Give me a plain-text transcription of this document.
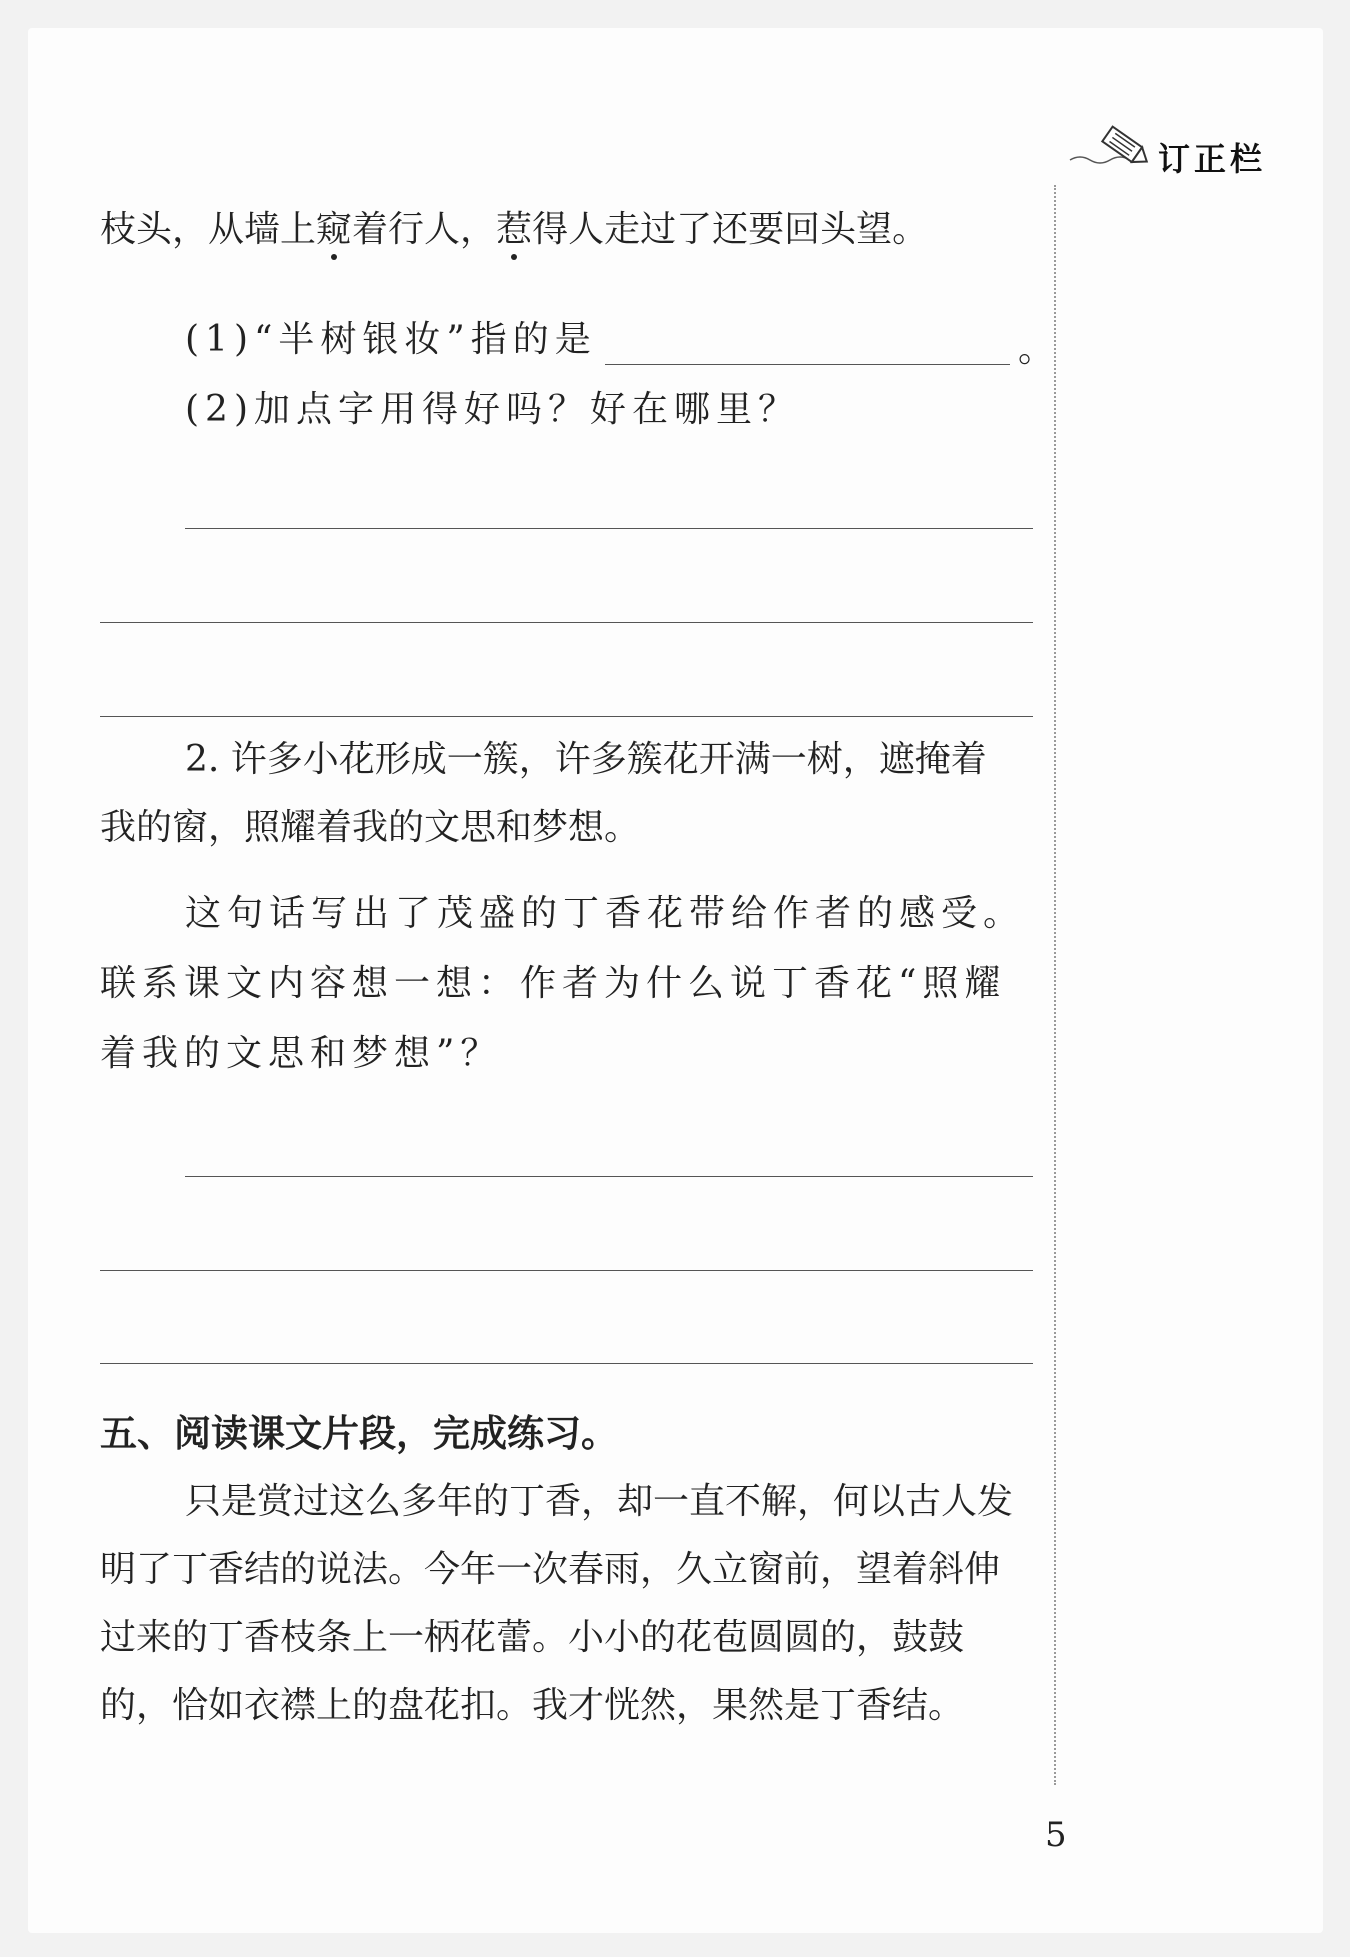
订正栏
枝头，从墙上窥着行人，惹得人走过了还要回头望。
(1)“半树银妆”指的是	。
(2)加点字用得好吗？好在哪里？
2. 许多小花形成一簇，许多簇花开满一树，遮掩着
我的窗，照耀着我的文思和梦想。
这句话写出了茂盛的丁香花带给作者的感受。
联系课文内容想一想：作者为什么说丁香花“照耀
着我的文思和梦想”？
五、阅读课文片段，完成练习。
只是赏过这么多年的丁香，却一直不解，何以古人发
明了丁香结的说法。今年一次春雨，久立窗前，望着斜伸
过来的丁香枝条上一柄花蕾。小小的花苞圆圆的，鼓鼓
的，恰如衣襟上的盘花扣。我才恍然，果然是丁香结。
5
